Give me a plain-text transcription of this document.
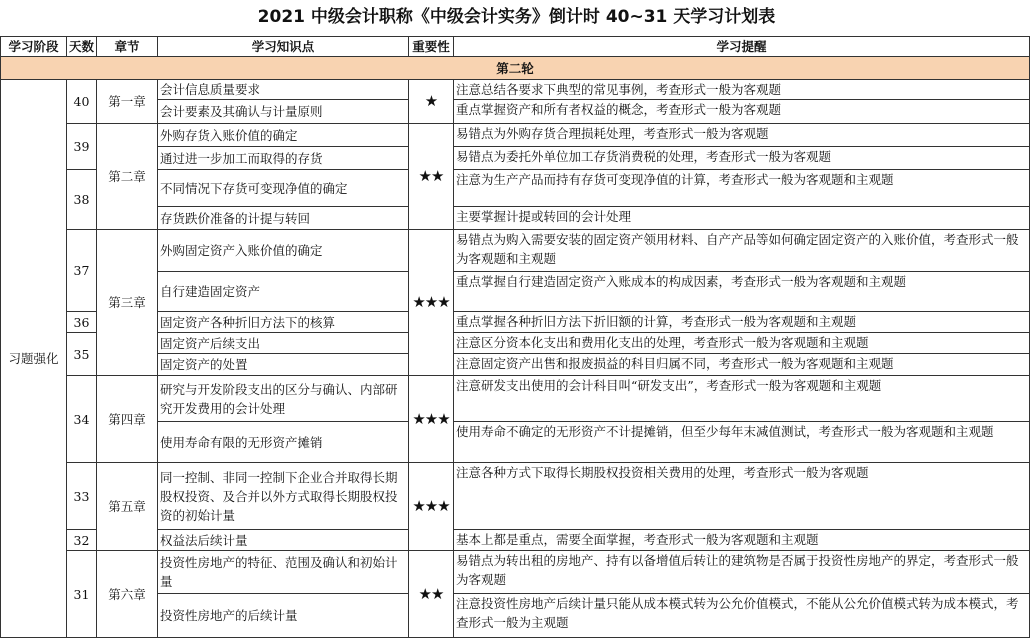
2021 中级会计职称《中级会计实务》倒计时 40~31 天学习计划表
学习阶段	天数	章节	学习知识点	重要性	学习提醒
第二轮					
习题强化	40	第一章	会计信息质量要求	★	注意总结各要求下典型的常见事例，考查形式一般为客观题
			会计要素及其确认与计量原则		重点掌握资产和所有者权益的概念，考查形式一般为客观题
	39	第二章	外购存货入账价值的确定	★★	易错点为外购存货合理损耗处理，考查形式一般为客观题
			通过进一步加工而取得的存货		易错点为委托外单位加工存货消费税的处理，考查形式一般为客观题
	38		不同情况下存货可变现净值的确定		注意为生产产品而持有存货可变现净值的计算，考查形式一般为客观题和主观题
			存货跌价准备的计提与转回		主要掌握计提或转回的会计处理
	37	第三章	外购固定资产入账价值的确定	★★★	易错点为购入需要安装的固定资产领用材料、自产产品等如何确定固定资产的入账价值，考查形式一般为客观题和主观题
			自行建造固定资产		重点掌握自行建造固定资产入账成本的构成因素，考查形式一般为客观题和主观题
	36		固定资产各种折旧方法下的核算		重点掌握各种折旧方法下折旧额的计算，考查形式一般为客观题和主观题
	35		固定资产后续支出		注意区分资本化支出和费用化支出的处理，考查形式一般为客观题和主观题
			固定资产的处置		注意固定资产出售和报废损益的科目归属不同，考查形式一般为客观题和主观题
	34	第四章	研究与开发阶段支出的区分与确认、内部研究开发费用的会计处理	★★★	注意研发支出使用的会计科目叫“研发支出”，考查形式一般为客观题和主观题
			使用寿命有限的无形资产摊销		使用寿命不确定的无形资产不计提摊销，但至少每年末减值测试，考查形式一般为客观题和主观题
	33	第五章	同一控制、非同一控制下企业合并取得长期股权投资、及合并以外方式取得长期股权投资的初始计量	★★★	注意各种方式下取得长期股权投资相关费用的处理，考查形式一般为客观题
	32		权益法后续计量		基本上都是重点，需要全面掌握，考查形式一般为客观题和主观题
	31	第六章	投资性房地产的特征、范围及确认和初始计量	★★	易错点为转出租的房地产、持有以备增值后转让的建筑物是否属于投资性房地产的界定，考查形式一般为客观题
			投资性房地产的后续计量		注意投资性房地产后续计量只能从成本模式转为公允价值模式，不能从公允价值模式转为成本模式，考查形式一般为主观题
